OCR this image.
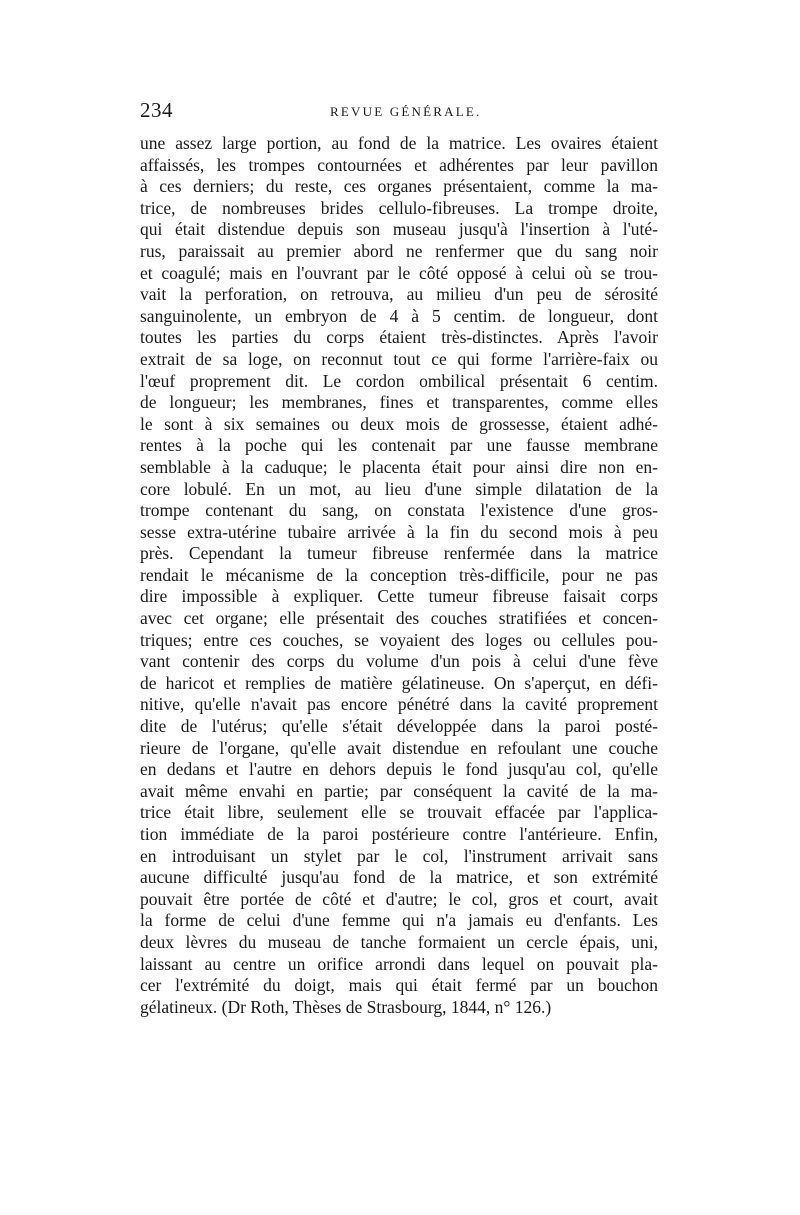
234	REVUE GÉNÉRALE.
une assez large portion, au fond de la matrice. Les ovaires étaient
affaissés, les trompes contournées et adhérentes par leur pavillon
à ces derniers; du reste, ces organes présentaient, comme la ma-
trice, de nombreuses brides cellulo-fibreuses. La trompe droite,
qui était distendue depuis son museau jusqu'à l'insertion à l'uté-
rus, paraissait au premier abord ne renfermer que du sang noir
et coagulé; mais en l'ouvrant par le côté opposé à celui où se trou-
vait la perforation, on retrouva, au milieu d'un peu de sérosité
sanguinolente, un embryon de 4 à 5 centim. de longueur, dont
toutes les parties du corps étaient très-distinctes. Après l'avoir
extrait de sa loge, on reconnut tout ce qui forme l'arrière-faix ou
l'œuf proprement dit. Le cordon ombilical présentait 6 centim.
de longueur; les membranes, fines et transparentes, comme elles
le sont à six semaines ou deux mois de grossesse, étaient adhé-
rentes à la poche qui les contenait par une fausse membrane
semblable à la caduque; le placenta était pour ainsi dire non en-
core lobulé. En un mot, au lieu d'une simple dilatation de la
trompe contenant du sang, on constata l'existence d'une gros-
sesse extra-utérine tubaire arrivée à la fin du second mois à peu
près. Cependant la tumeur fibreuse renfermée dans la matrice
rendait le mécanisme de la conception très-difficile, pour ne pas
dire impossible à expliquer. Cette tumeur fibreuse faisait corps
avec cet organe; elle présentait des couches stratifiées et concen-
triques; entre ces couches, se voyaient des loges ou cellules pou-
vant contenir des corps du volume d'un pois à celui d'une fève
de haricot et remplies de matière gélatineuse. On s'aperçut, en défi-
nitive, qu'elle n'avait pas encore pénétré dans la cavité proprement
dite de l'utérus; qu'elle s'était développée dans la paroi posté-
rieure de l'organe, qu'elle avait distendue en refoulant une couche
en dedans et l'autre en dehors depuis le fond jusqu'au col, qu'elle
avait même envahi en partie; par conséquent la cavité de la ma-
trice était libre, seulement elle se trouvait effacée par l'applica-
tion immédiate de la paroi postérieure contre l'antérieure. Enfin,
en introduisant un stylet par le col, l'instrument arrivait sans
aucune difficulté jusqu'au fond de la matrice, et son extrémité
pouvait être portée de côté et d'autre; le col, gros et court, avait
la forme de celui d'une femme qui n'a jamais eu d'enfants. Les
deux lèvres du museau de tanche formaient un cercle épais, uni,
laissant au centre un orifice arrondi dans lequel on pouvait pla-
cer l'extrémité du doigt, mais qui était fermé par un bouchon
gélatineux. (Dr Roth, Thèses de Strasbourg, 1844, n° 126.)
